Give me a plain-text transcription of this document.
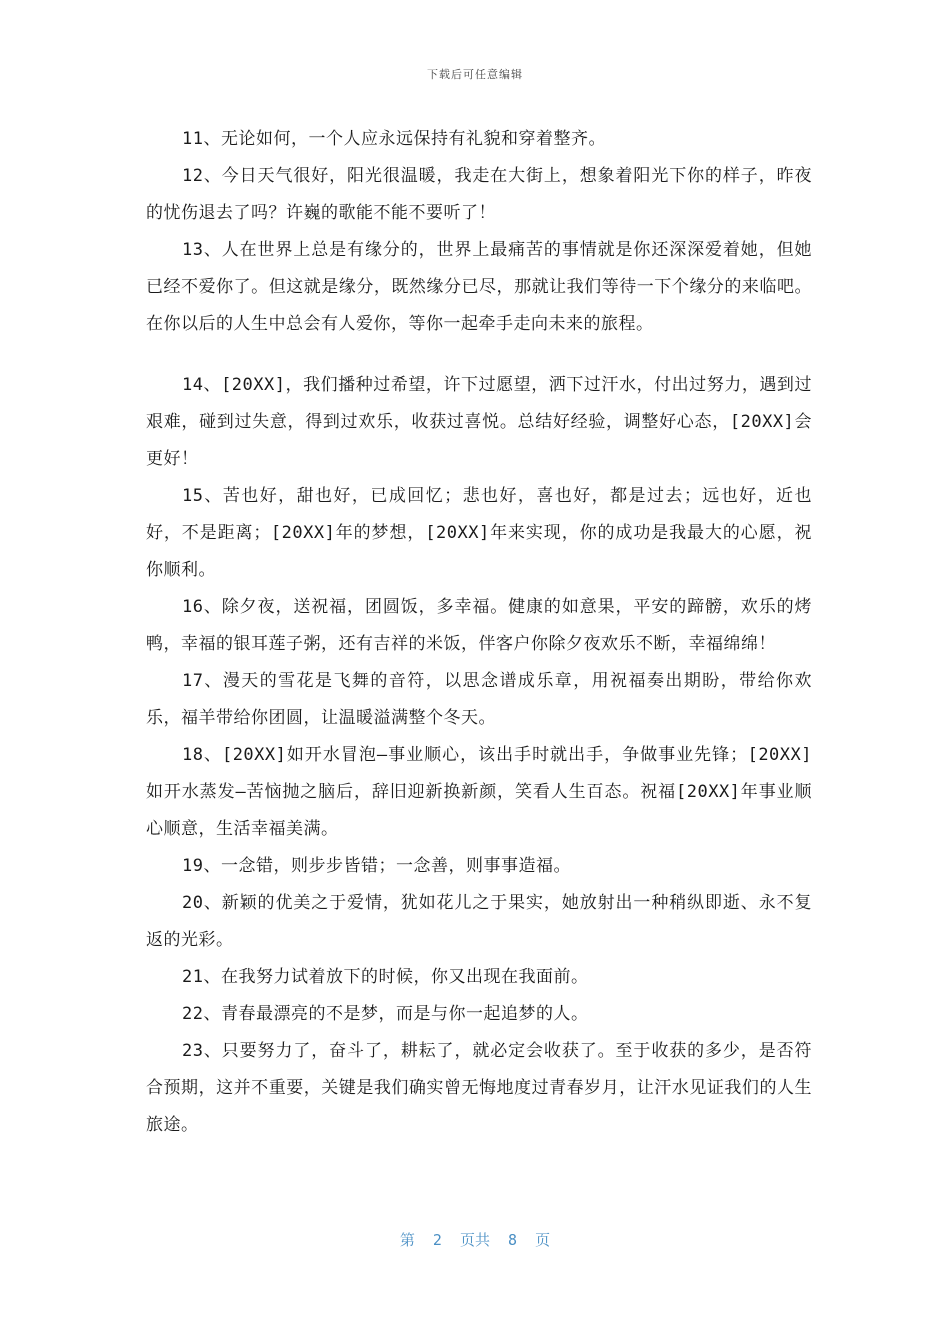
下载后可任意编辑

11、无论如何，一个人应永远保持有礼貌和穿着整齐。

12、今日天气很好，阳光很温暖，我走在大街上，想象着阳光下你的样子，昨夜的忧伤退去了吗？许巍的歌能不能不要听了！

13、人在世界上总是有缘分的，世界上最痛苦的事情就是你还深深爱着她，但她已经不爱你了。但这就是缘分，既然缘分已尽，那就让我们等待一下个缘分的来临吧。在你以后的人生中总会有人爱你，等你一起牵手走向未来的旅程。

14、[20XX]，我们播种过希望，许下过愿望，洒下过汗水，付出过努力，遇到过艰难，碰到过失意，得到过欢乐，收获过喜悦。总结好经验，调整好心态，[20XX]会更好！

15、苦也好，甜也好，已成回忆；悲也好，喜也好，都是过去；远也好，近也好，不是距离；[20XX]年的梦想，[20XX]年来实现，你的成功是我最大的心愿，祝你顺利。

16、除夕夜，送祝福，团圆饭，多幸福。健康的如意果，平安的蹄髈，欢乐的烤鸭，幸福的银耳莲子粥，还有吉祥的米饭，伴客户你除夕夜欢乐不断，幸福绵绵！

17、漫天的雪花是飞舞的音符，以思念谱成乐章，用祝福奏出期盼，带给你欢乐，福羊带给你团圆，让温暖溢满整个冬天。

18、[20XX]如开水冒泡—事业顺心，该出手时就出手，争做事业先锋；[20XX]如开水蒸发—苦恼抛之脑后，辞旧迎新换新颜，笑看人生百态。祝福[20XX]年事业顺心顺意，生活幸福美满。

19、一念错，则步步皆错；一念善，则事事造福。

20、新颖的优美之于爱情，犹如花儿之于果实，她放射出一种稍纵即逝、永不复返的光彩。

21、在我努力试着放下的时候，你又出现在我面前。

22、青春最漂亮的不是梦，而是与你一起追梦的人。

23、只要努力了，奋斗了，耕耘了，就必定会收获了。至于收获的多少，是否符合预期，这并不重要，关键是我们确实曾无悔地度过青春岁月，让汗水见证我们的人生旅途。

第  2  页共  8  页
